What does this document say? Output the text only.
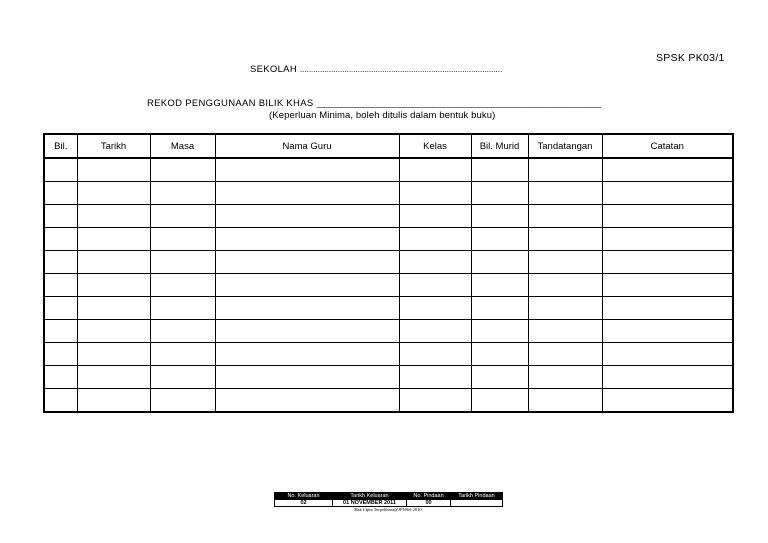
SPSK PK03/1
SEKOLAH ...........................................................................................
REKOD PENGGUNAAN BILIK KHAS ________________________________________________________________
(Keperluan Minima, boleh ditulis dalam bentuk buku)
Bil.	Tarikh	Masa	Nama Guru	Kelas	Bil. Murid	Tandatangan	Catatan

No. Keluaran	Tarikh Keluaran	No. Pindaan	Tarikh Pindaan
02	01 NOVEMBER 2011	00	
Hak Cipta Terpelihara@JPNSel 2010
